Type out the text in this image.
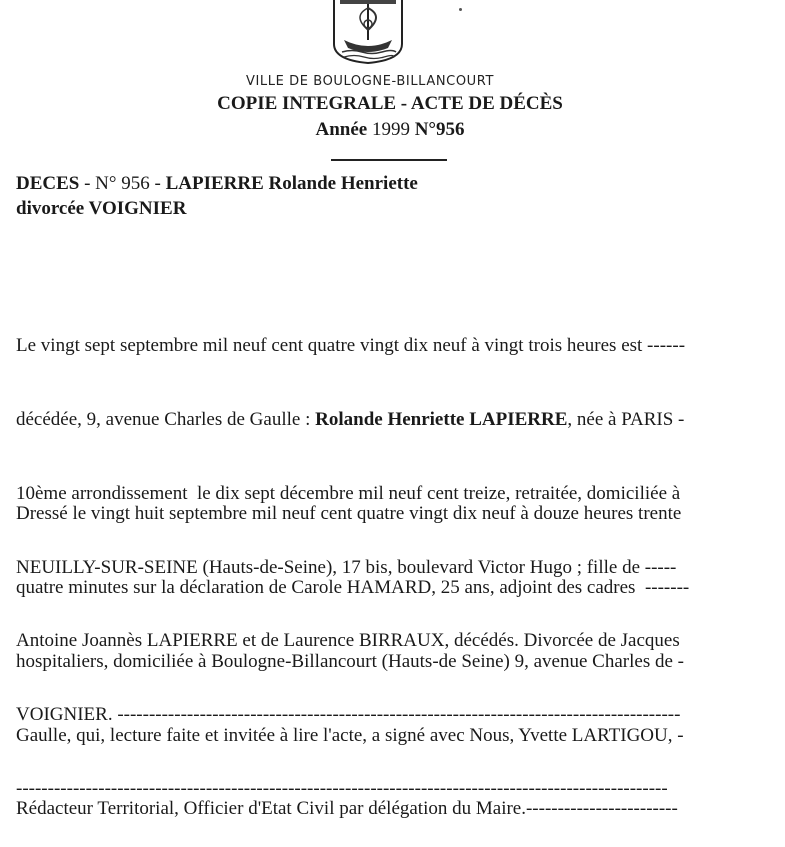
VILLE DE BOULOGNE-BILLANCOURT
COPIE INTEGRALE - ACTE DE DÉCÈS
Année 1999 N°956
DECES - N° 956 - LAPIERRE Rolande Henriette
divorcée VOIGNIER

Le vingt sept septembre mil neuf cent quatre vingt dix neuf à vingt trois heures est ------

décédée, 9, avenue Charles de Gaulle : Rolande Henriette LAPIERRE, née à PARIS -

10ème arrondissement  le dix sept décembre mil neuf cent treize, retraitée, domiciliée à

NEUILLY-SUR-SEINE (Hauts-de-Seine), 17 bis, boulevard Victor Hugo ; fille de -----

Antoine Joannès LAPIERRE et de Laurence BIRRAUX, décédés. Divorcée de Jacques

VOIGNIER. -----------------------------------------------------------------------------------------

-------------------------------------------------------------------------------------------------------

Dressé le vingt huit septembre mil neuf cent quatre vingt dix neuf à douze heures trente

quatre minutes sur la déclaration de Carole HAMARD, 25 ans, adjoint des cadres  -------

hospitaliers, domiciliée à Boulogne-Billancourt (Hauts-de Seine) 9, avenue Charles de -

Gaulle, qui, lecture faite et invitée à lire l'acte, a signé avec Nous, Yvette LARTIGOU, -

Rédacteur Territorial, Officier d'Etat Civil par délégation du Maire.------------------------
